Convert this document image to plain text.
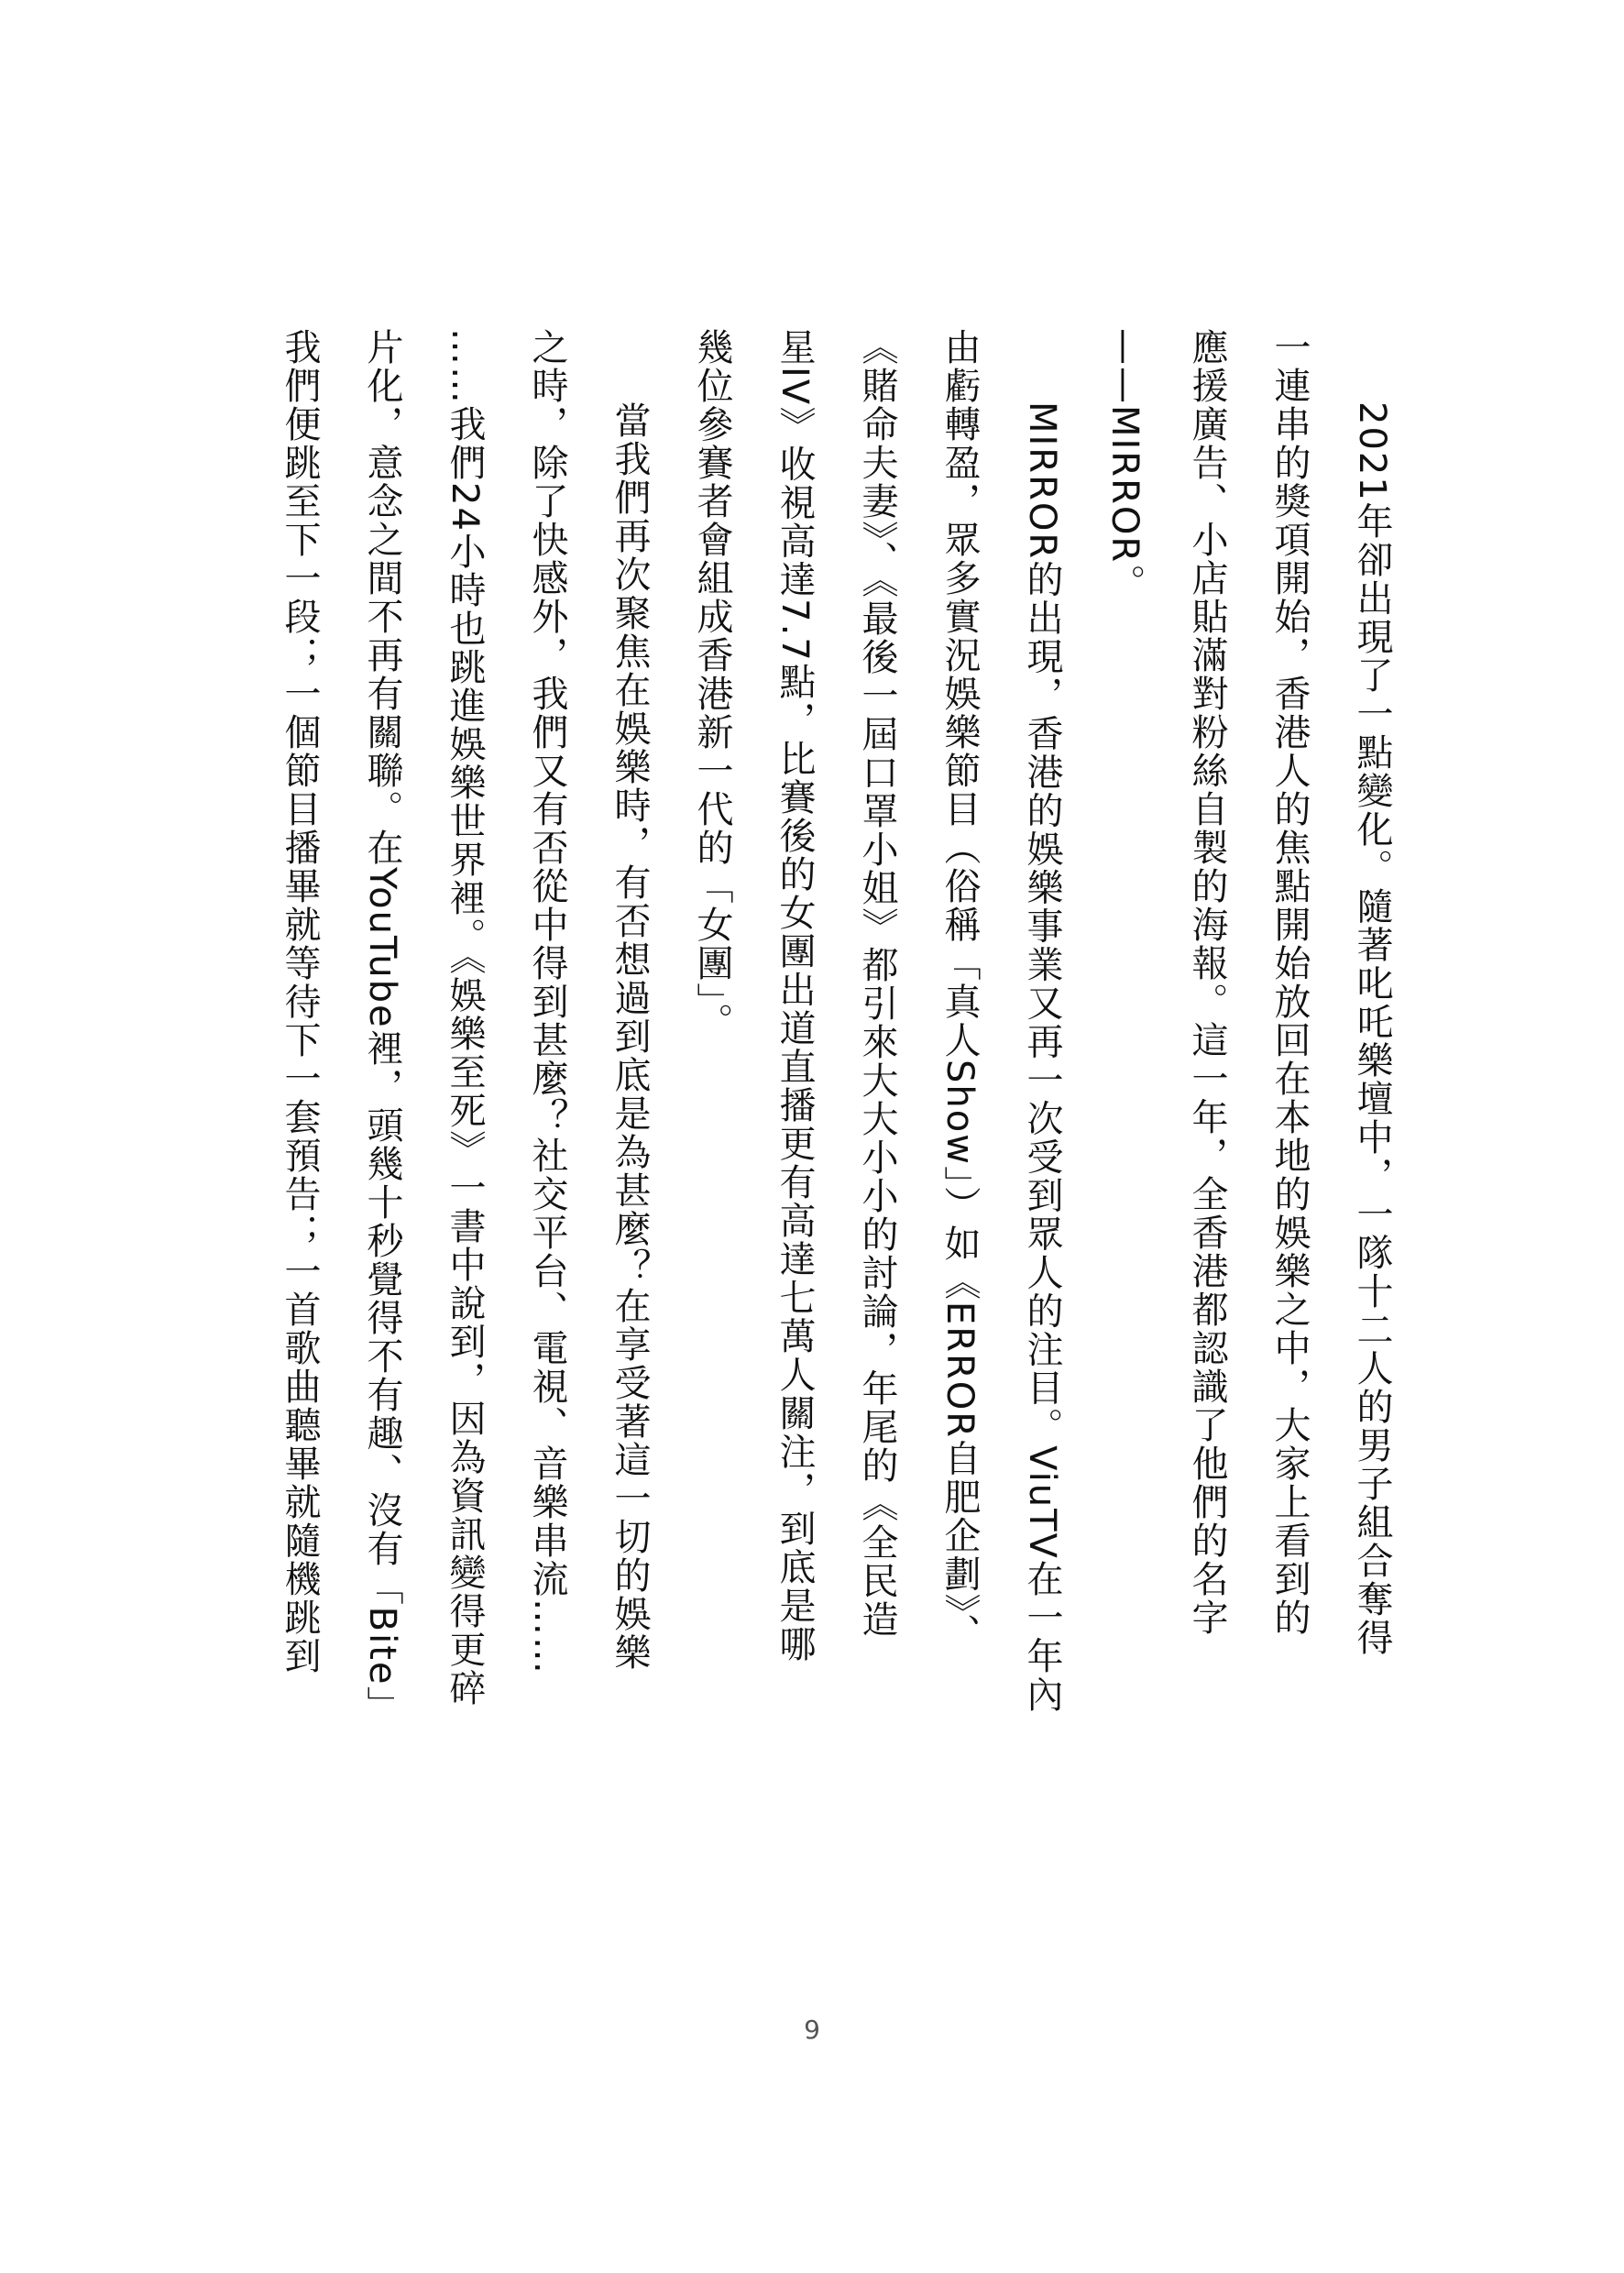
2021年卻出現了一點變化。隨著叱吒樂壇中，一隊十二人的男子組合奪得
一連串的獎項開始，香港人的焦點開始放回在本地的娛樂之中，大家上看到的
應援廣告、小店貼滿對粉絲自製的海報。這一年，全香港都認識了他們的名字
——MIRROR。
MIRROR的出現，香港的娛樂事業又再一次受到眾人的注目。ViuTV在一年內
由虧轉盈，眾多實況娛樂節目（俗稱「真人Show」）如《ERROR自肥企劃》、
《賭命夫妻》、《最後一屆口罩小姐》都引來大大小小的討論，年尾的《全民造
星IV》收視高達7.7點，比賽後的女團出道直播更有高達七萬人關注，到底是哪
幾位參賽者會組成香港新一代的「女團」。
當我們再次聚焦在娛樂時，有否想過到底是為甚麼？在享受著這一切的娛樂
之時，除了快感外，我們又有否從中得到甚麼？社交平台、電視、音樂串流……
……我們24小時也跳進娛樂世界裡。《娛樂至死》一書中說到，因為資訊變得更碎
片化，意念之間不再有關聯。在YouTube裡，頭幾十秒覺得不有趣、沒有「Bite」
我們便跳至下一段；一個節目播畢就等待下一套預告；一首歌曲聽畢就隨機跳到
9
